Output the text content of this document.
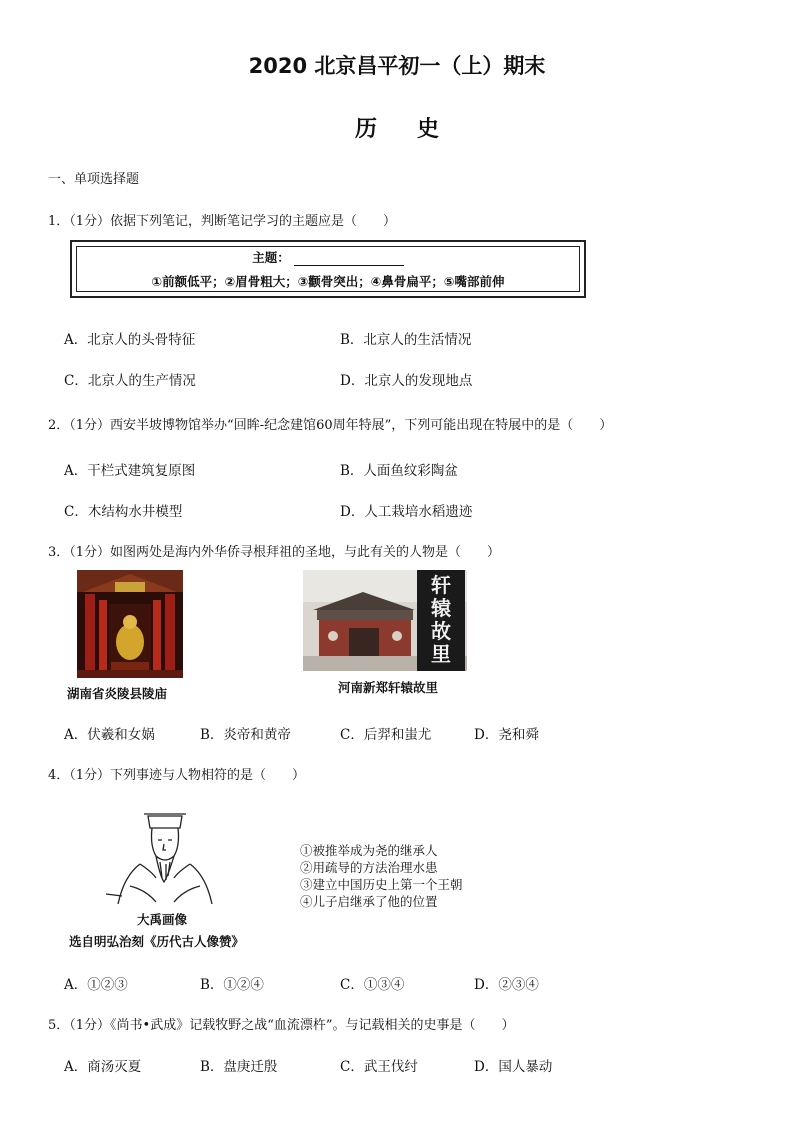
2020 北京昌平初一（上）期末
历史
一、单项选择题
1．（1分）依据下列笔记，判断笔记学习的主题应是（　　）
主题：
①前额低平；②眉骨粗大；③颧骨突出；④鼻骨扁平；⑤嘴部前伸
A．北京人的头骨特征	B．北京人的生活情况
C．北京人的生产情况	D．北京人的发现地点
2．（1分）西安半坡博物馆举办“回眸-纪念建馆60周年特展”，下列可能出现在特展中的是（　　）
A．干栏式建筑复原图	B．人面鱼纹彩陶盆
C．木结构水井模型	D．人工栽培水稻遗迹
3．（1分）如图两处是海内外华侨寻根拜祖的圣地，与此有关的人物是（　　）
湖南省炎陵县陵庙
轩
辕
故
里
河南新郑轩辕故里
A．伏羲和女娲	B．炎帝和黄帝	C．后羿和蚩尤	D．尧和舜
4．（1分）下列事迹与人物相符的是（　　）
大禹画像
选自明弘治刻《历代古人像赞》
①被推举成为尧的继承人
②用疏导的方法治理水患
③建立中国历史上第一个王朝
④儿子启继承了他的位置
A．①②③	B．①②④	C．①③④	D．②③④
5．（1分）《尚书•武成》记载牧野之战“血流漂杵”。与记载相关的史事是（　　）
A．商汤灭夏	B．盘庚迁殷	C．武王伐纣	D．国人暴动
